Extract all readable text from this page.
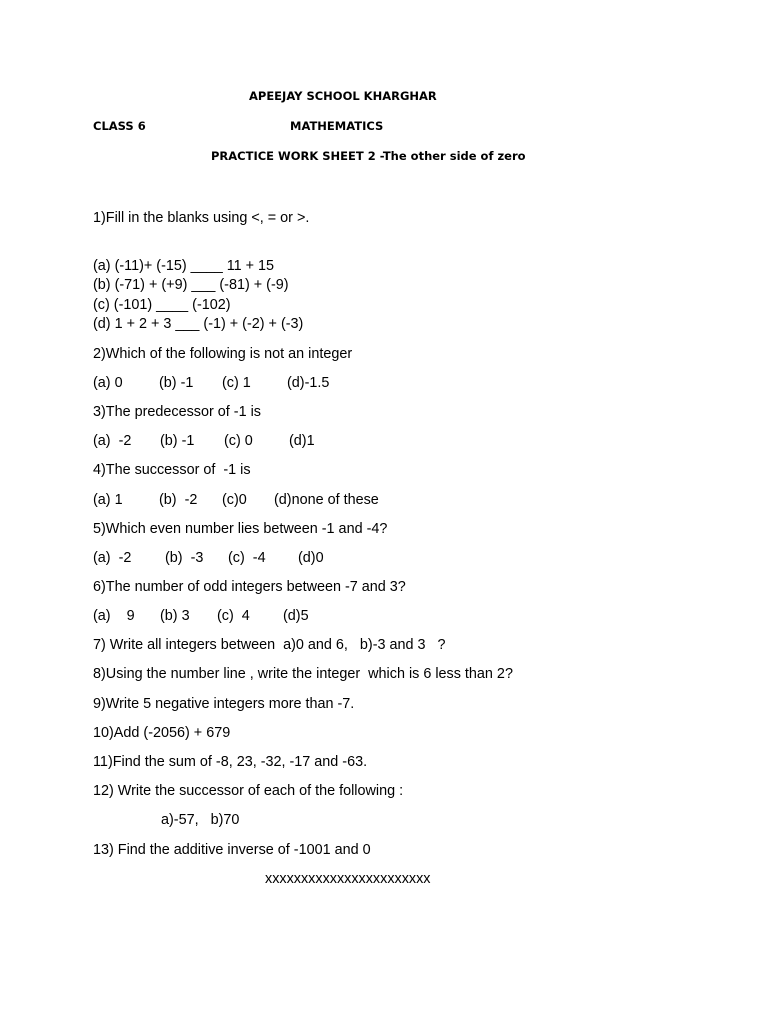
APEEJAY SCHOOL KHARGHAR
CLASS 6	MATHEMATICS
PRACTICE WORK SHEET 2 -The other side of zero
1)Fill in the blanks using <, = or >.
(a) (-11)+ (-15) ____ 11 + 15
(b) (-71) + (+9) ___ (-81) + (-9)
(c) (-101) ____ (-102)
(d) 1 + 2 + 3 ___ (-1) + (-2) + (-3)
2)Which of the following is not an integer
(a) 0	(b) -1 (c) 1	(d)-1.5
3)The predecessor of -1 is
(a)  -2 (b) -1 (c) 0	(d)1
4)The successor of  -1 is
(a) 1	(b)  -2 (c)0 (d)none of these
5)Which even number lies between -1 and -4?
(a)  -2 (b)  -3 (c)  -4 (d)0
6)The number of odd integers between -7 and 3?
(a)    9 (b) 3 (c)  4 (d)5
7) Write all integers between  a)0 and 6,   b)-3 and 3   ?
8)Using the number line , write the integer  which is 6 less than 2?
9)Write 5 negative integers more than -7.
10)Add (-2056) + 679
11)Find the sum of -8, 23, -32, -17 and -63.
12) Write the successor of each of the following :
a)-57,   b)70
13) Find the additive inverse of -1001 and 0
xxxxxxxxxxxxxxxxxxxxxxx
